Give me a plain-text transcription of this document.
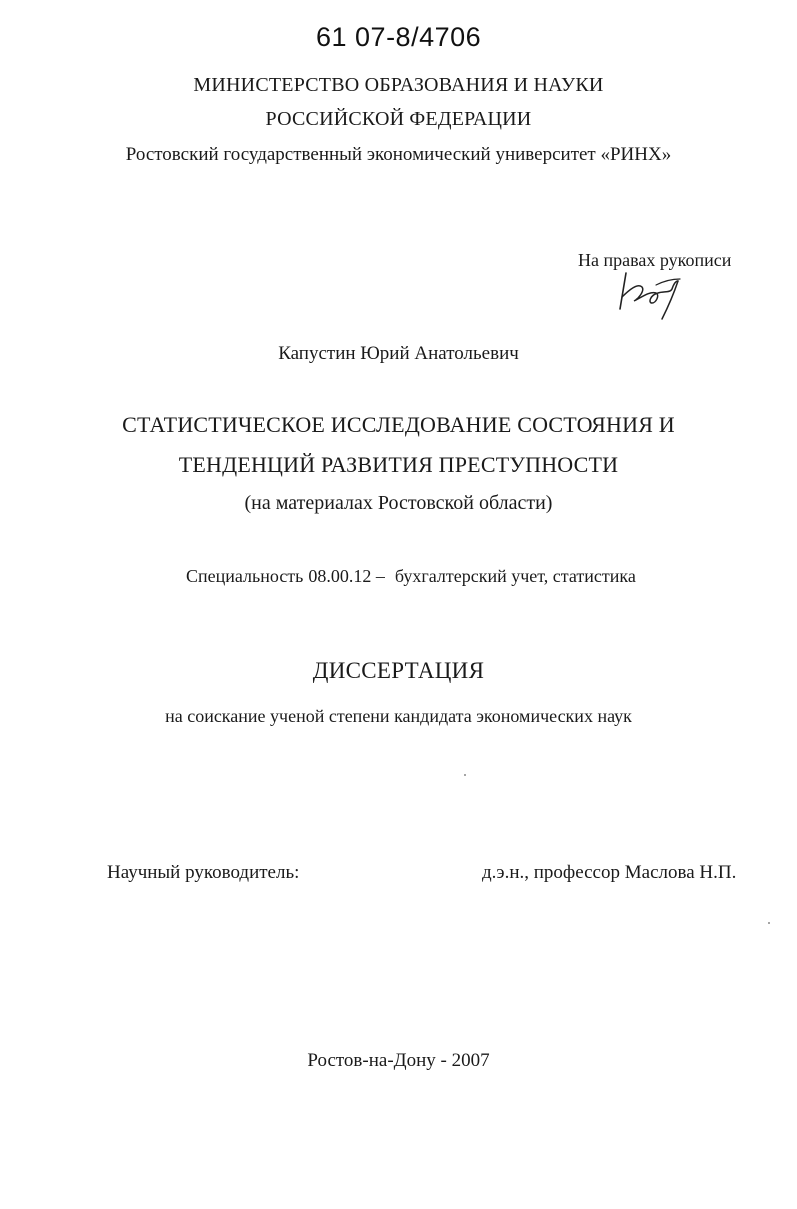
61 07-8/4706
МИНИСТЕРСТВО ОБРАЗОВАНИЯ И НАУКИ
РОССИЙСКОЙ ФЕДЕРАЦИИ
Ростовский государственный экономический университет «РИНХ»
На правах рукописи
Капустин Юрий Анатольевич
СТАТИСТИЧЕСКОЕ ИССЛЕДОВАНИЕ СОСТОЯНИЯ И
ТЕНДЕНЦИЙ РАЗВИТИЯ ПРЕСТУПНОСТИ
(на материалах Ростовской области)
Специальность 08.00.12 – бухгалтерский учет, статистика
ДИССЕРТАЦИЯ
на соискание ученой степени кандидата экономических наук
Научный руководитель:	д.э.н., профессор Маслова Н.П.
Ростов-на-Дону - 2007
